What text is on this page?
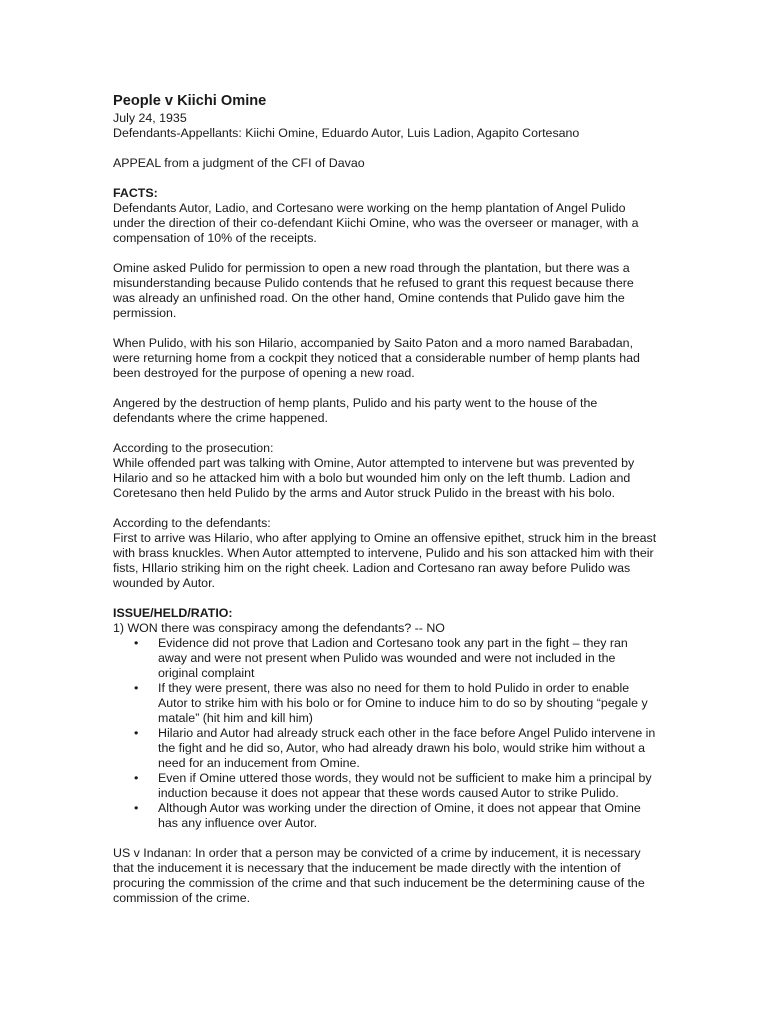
People v Kiichi Omine

July 24, 1935

Defendants-Appellants: Kiichi Omine, Eduardo Autor, Luis Ladion, Agapito Cortesano

APPEAL from a judgment of the CFI of Davao

FACTS:

Defendants Autor, Ladio, and Cortesano were working on the hemp plantation of Angel Pulido under the direction of their co-defendant Kiichi Omine, who was the overseer or manager, with a compensation of 10% of the receipts.

Omine asked Pulido for permission to open a new road through the plantation, but there was a misunderstanding because Pulido contends that he refused to grant this request because there was already an unfinished road. On the other hand, Omine contends that Pulido gave him the permission.

When Pulido, with his son Hilario, accompanied by Saito Paton and a moro named Barabadan, were returning home from a cockpit they noticed that a considerable number of hemp plants had been destroyed for the purpose of opening a new road.

Angered by the destruction of hemp plants, Pulido and his party went to the house of the defendants where the crime happened.

According to the prosecution:

While offended part was talking with Omine, Autor attempted to intervene but was prevented by Hilario and so he attacked him with a bolo but wounded him only on the left thumb. Ladion and Coretesano then held Pulido by the arms and Autor struck Pulido in the breast with his bolo.

According to the defendants:

First to arrive was Hilario, who after applying to Omine an offensive epithet, struck him in the breast with brass knuckles. When Autor attempted to intervene, Pulido and his son attacked him with their fists, HIlario striking him on the right cheek. Ladion and Cortesano ran away before Pulido was wounded by Autor.

ISSUE/HELD/RATIO:

1) WON there was conspiracy among the defendants? -- NO

• Evidence did not prove that Ladion and Cortesano took any part in the fight – they ran away and were not present when Pulido was wounded and were not included in the original complaint
• If they were present, there was also no need for them to hold Pulido in order to enable Autor to strike him with his bolo or for Omine to induce him to do so by shouting “pegale y matale” (hit him and kill him)
• Hilario and Autor had already struck each other in the face before Angel Pulido intervene in the fight and he did so, Autor, who had already drawn his bolo, would strike him without a need for an inducement from Omine.
• Even if Omine uttered those words, they would not be sufficient to make him a principal by induction because it does not appear that these words caused Autor to strike Pulido.
• Although Autor was working under the direction of Omine, it does not appear that Omine has any influence over Autor.

US v Indanan: In order that a person may be convicted of a crime by inducement, it is necessary that the inducement it is necessary that the inducement be made directly with the intention of procuring the commission of the crime and that such inducement be the determining cause of the commission of the crime.
